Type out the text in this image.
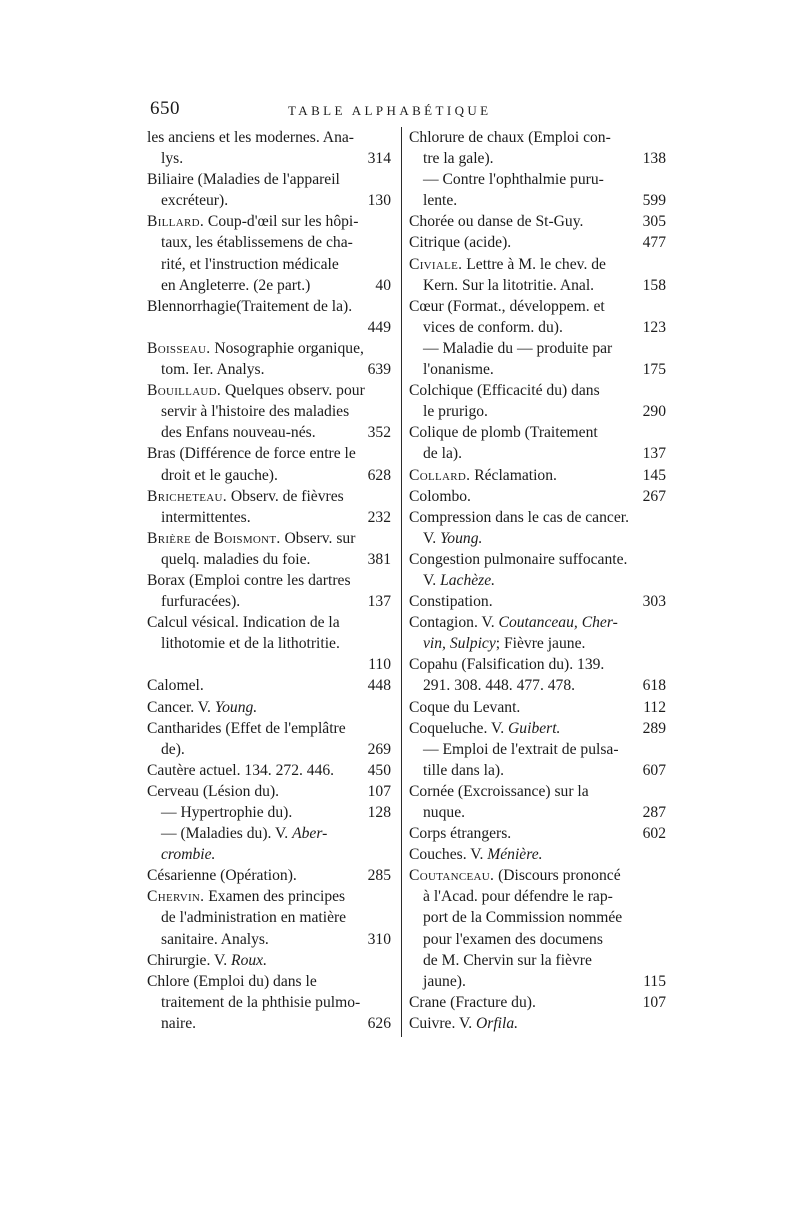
650	TABLE ALPHABÉTIQUE
les anciens et les modernes. Ana-
lys.	314
Biliaire (Maladies de l'appareil
excréteur).	130
Billard. Coup-d'œil sur les hôpi-
taux, les établissemens de cha-
rité, et l'instruction médicale
en Angleterre. (2e part.)	40
Blennorrhagie(Traitement de la).
449
Boisseau. Nosographie organique,
tom. Ier. Analys.	639
Bouillaud. Quelques observ. pour
servir à l'histoire des maladies
des Enfans nouveau-nés.	352
Bras (Différence de force entre le
droit et le gauche).	628
Bricheteau. Observ. de fièvres
intermittentes.	232
Brière de Boismont. Observ. sur
quelq. maladies du foie.	381
Borax (Emploi contre les dartres
furfuracées).	137
Calcul vésical. Indication de la
lithotomie et de la lithotritie.
110
Calomel.	448
Cancer. V. Young.
Cantharides (Effet de l'emplâtre
de).	269
Cautère actuel. 134. 272. 446.	450
Cerveau (Lésion du).	107
— Hypertrophie du).	128
— (Maladies du). V. Aber-
crombie.
Césarienne (Opération).	285
Chervin. Examen des principes
de l'administration en matière
sanitaire. Analys.	310
Chirurgie. V. Roux.
Chlore (Emploi du) dans le
traitement de la phthisie pulmo-
naire.	626
Chlorure de chaux (Emploi con-
tre la gale).	138
— Contre l'ophthalmie puru-
lente.	599
Chorée ou danse de St-Guy.	305
Citrique (acide).	477
Civiale. Lettre à M. le chev. de
Kern. Sur la litotritie. Anal.	158
Cœur (Format., développem. et
vices de conform. du).	123
— Maladie du — produite par
l'onanisme.	175
Colchique (Efficacité du) dans
le prurigo.	290
Colique de plomb (Traitement
de la).	137
Collard. Réclamation.	145
Colombo.	267
Compression dans le cas de cancer.
V. Young.
Congestion pulmonaire suffocante.
V. Lachèze.
Constipation.	303
Contagion. V. Coutanceau, Cher-
vin, Sulpicy; Fièvre jaune.
Copahu (Falsification du). 139.
291. 308. 448. 477. 478.	618
Coque du Levant.	112
Coqueluche. V. Guibert.	289
— Emploi de l'extrait de pulsa-
tille dans la).	607
Cornée (Excroissance) sur la
nuque.	287
Corps étrangers.	602
Couches. V. Ménière.
Coutanceau. (Discours prononcé
à l'Acad. pour défendre le rap-
port de la Commission nommée
pour l'examen des documens
de M. Chervin sur la fièvre
jaune).	115
Crane (Fracture du).	107
Cuivre. V. Orfila.
